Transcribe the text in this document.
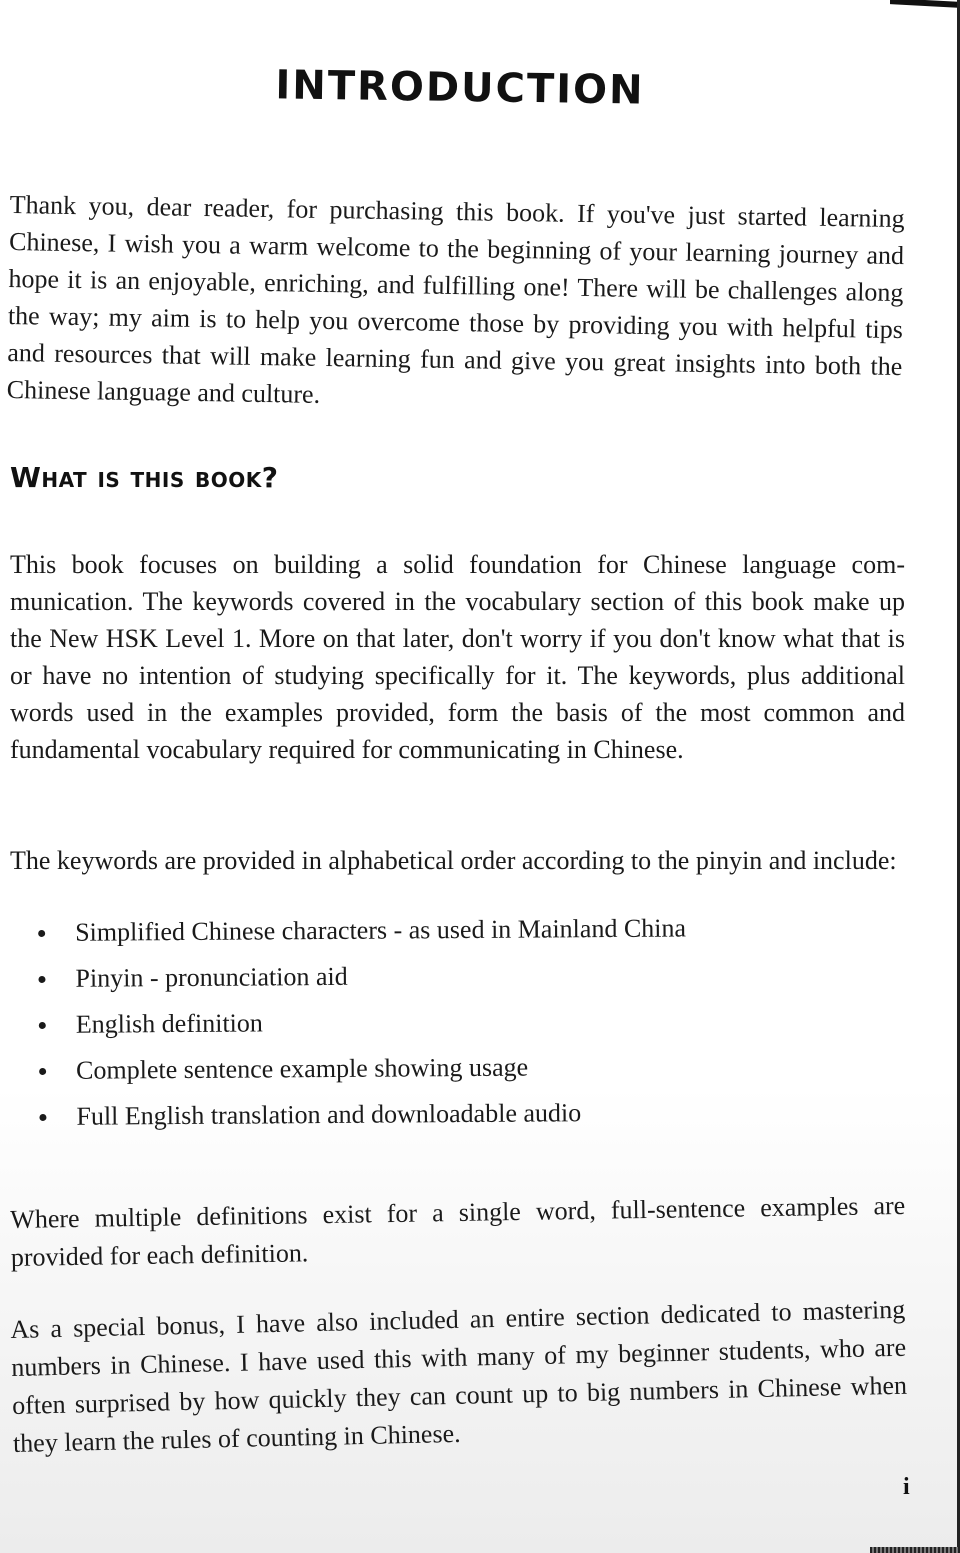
INTRODUCTION

Thank you, dear reader, for purchasing this book. If you've just started learning Chinese, I wish you a warm welcome to the beginning of your learning journey and hope it is an enjoyable, enriching, and fulfilling one! There will be challenges along the way; my aim is to help you overcome those by providing you with helpful tips and resources that will make learning fun and give you great insights into both the Chinese language and culture.

What is this book?

This book focuses on building a solid foundation for Chinese language communication. The keywords covered in the vocabulary section of this book make up the New HSK Level 1. More on that later, don't worry if you don't know what that is or have no intention of studying specifically for it. The keywords, plus additional words used in the examples provided, form the basis of the most common and fundamental vocabulary required for communicating in Chinese.

The keywords are provided in alphabetical order according to the pinyin and include:

Simplified Chinese characters - as used in Mainland China
Pinyin - pronunciation aid
English definition
Complete sentence example showing usage
Full English translation and downloadable audio

Where multiple definitions exist for a single word, full-sentence examples are provided for each definition.

As a special bonus, I have also included an entire section dedicated to mastering numbers in Chinese. I have used this with many of my beginner students, who are often surprised by how quickly they can count up to big numbers in Chinese when they learn the rules of counting in Chinese.

i
